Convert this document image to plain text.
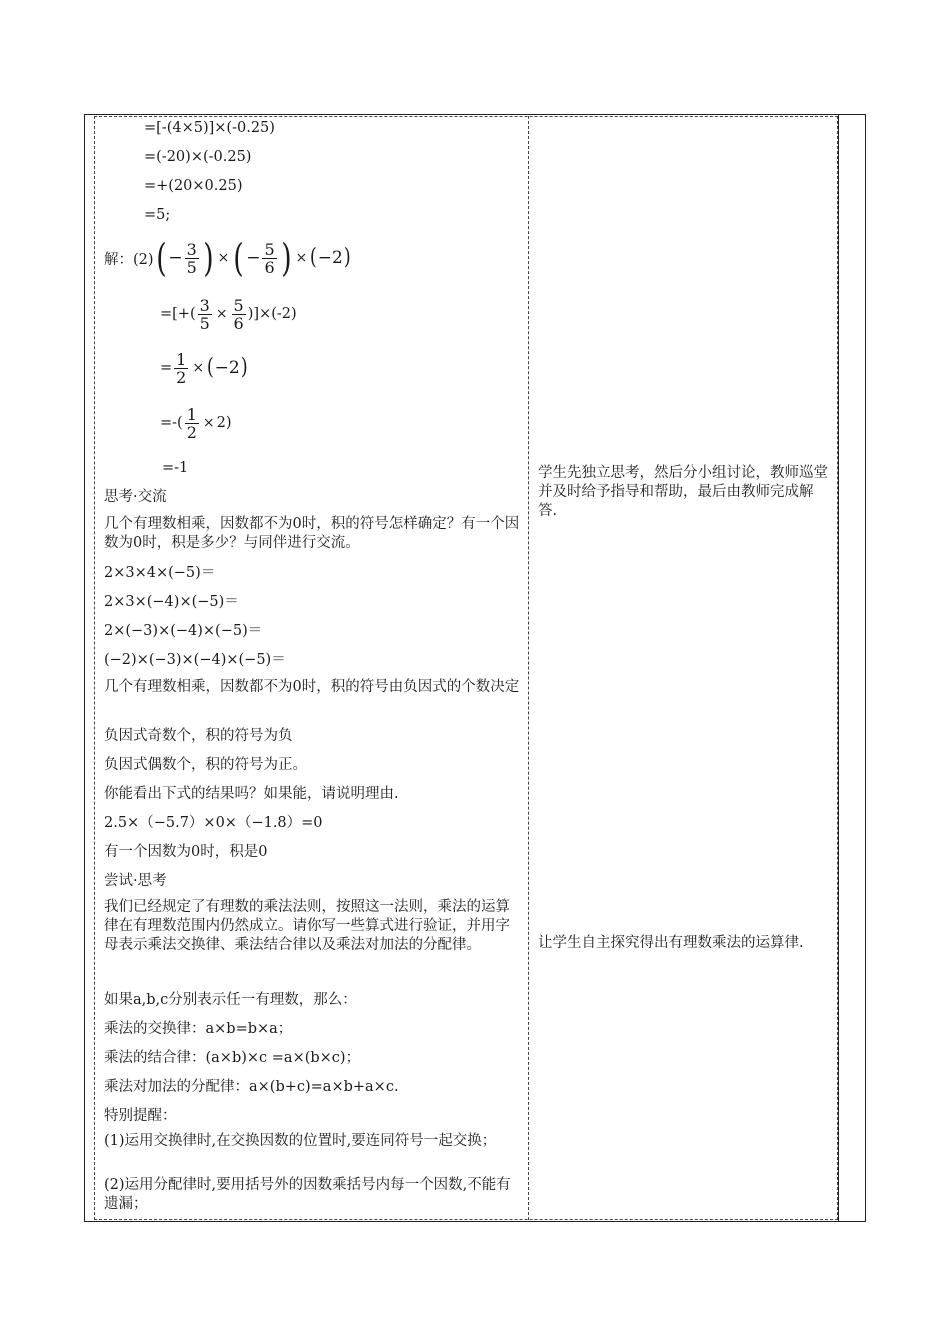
=[-(4×5)]×(-0.25)
=(-20)×(-0.25)
=+(20×0.25)
=5;
解：(2) ( − $\frac{3}{5}$ ) × ( − $\frac{5}{6}$ ) × ( −2 )
=[+( $\frac{3}{5} \times \frac{5}{6} )]\times(-2)$
= $\frac{1}{2}$ × ( −2 )
=-( $\frac{1}{2} \times 2$)
=-1
思考·交流
几个有理数相乘，因数都不为0时，积的符号怎样确定？有一个因数为0时，积是多少？与同伴进行交流。
2×3×4×(−5)＝
2×3×(−4)×(−5)＝
2×(−3)×(−4)×(−5)＝
(−2)×(−3)×(−4)×(−5)＝
几个有理数相乘，因数都不为0时，积的符号由负因式的个数决定
负因式奇数个，积的符号为负
负因式偶数个，积的符号为正。
你能看出下式的结果吗？如果能，请说明理由.
2.5×（−5.7）×0×（−1.8）=0
有一个因数为0时，积是0
尝试·思考
我们已经规定了有理数的乘法法则，按照这一法则，乘法的运算律在有理数范围内仍然成立。请你写一些算式进行验证，并用字母表示乘法交换律、乘法结合律以及乘法对加法的分配律。
如果a,b,c分别表示任一有理数，那么：
乘法的交换律：a×b=b×a；
乘法的结合律：(a×b)×c =a×(b×c)；
乘法对加法的分配律：a×(b+c)=a×b+a×c.
特别提醒：
(1)运用交换律时,在交换因数的位置时,要连同符号一起交换；
(2)运用分配律时,要用括号外的因数乘括号内每一个因数,不能有遗漏；
学生先独立思考，然后分小组讨论，教师巡堂并及时给予指导和帮助，最后由教师完成解答.
让学生自主探究得出有理数乘法的运算律.
